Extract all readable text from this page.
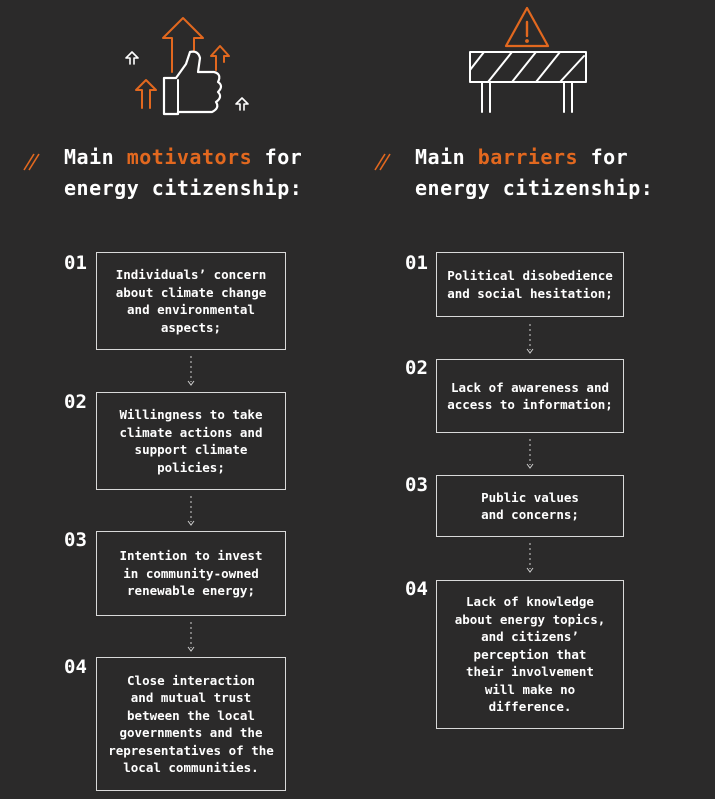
Main motivators for
energy citizenship:
Main barriers for
energy citizenship:
01
Individuals’ concern
about climate change
and environmental
aspects;
02
Willingness to take
climate actions and
support climate
policies;
03
Intention to invest
in community-owned
renewable energy;
04
Close interaction
and mutual trust
between the local
governments and the
representatives of the
local communities.
01
Political disobedience
and social hesitation;
02
Lack of awareness and
access to information;
03
Public values
and concerns;
04
Lack of knowledge
about energy topics,
and citizens’
perception that
their involvement
will make no
difference.
